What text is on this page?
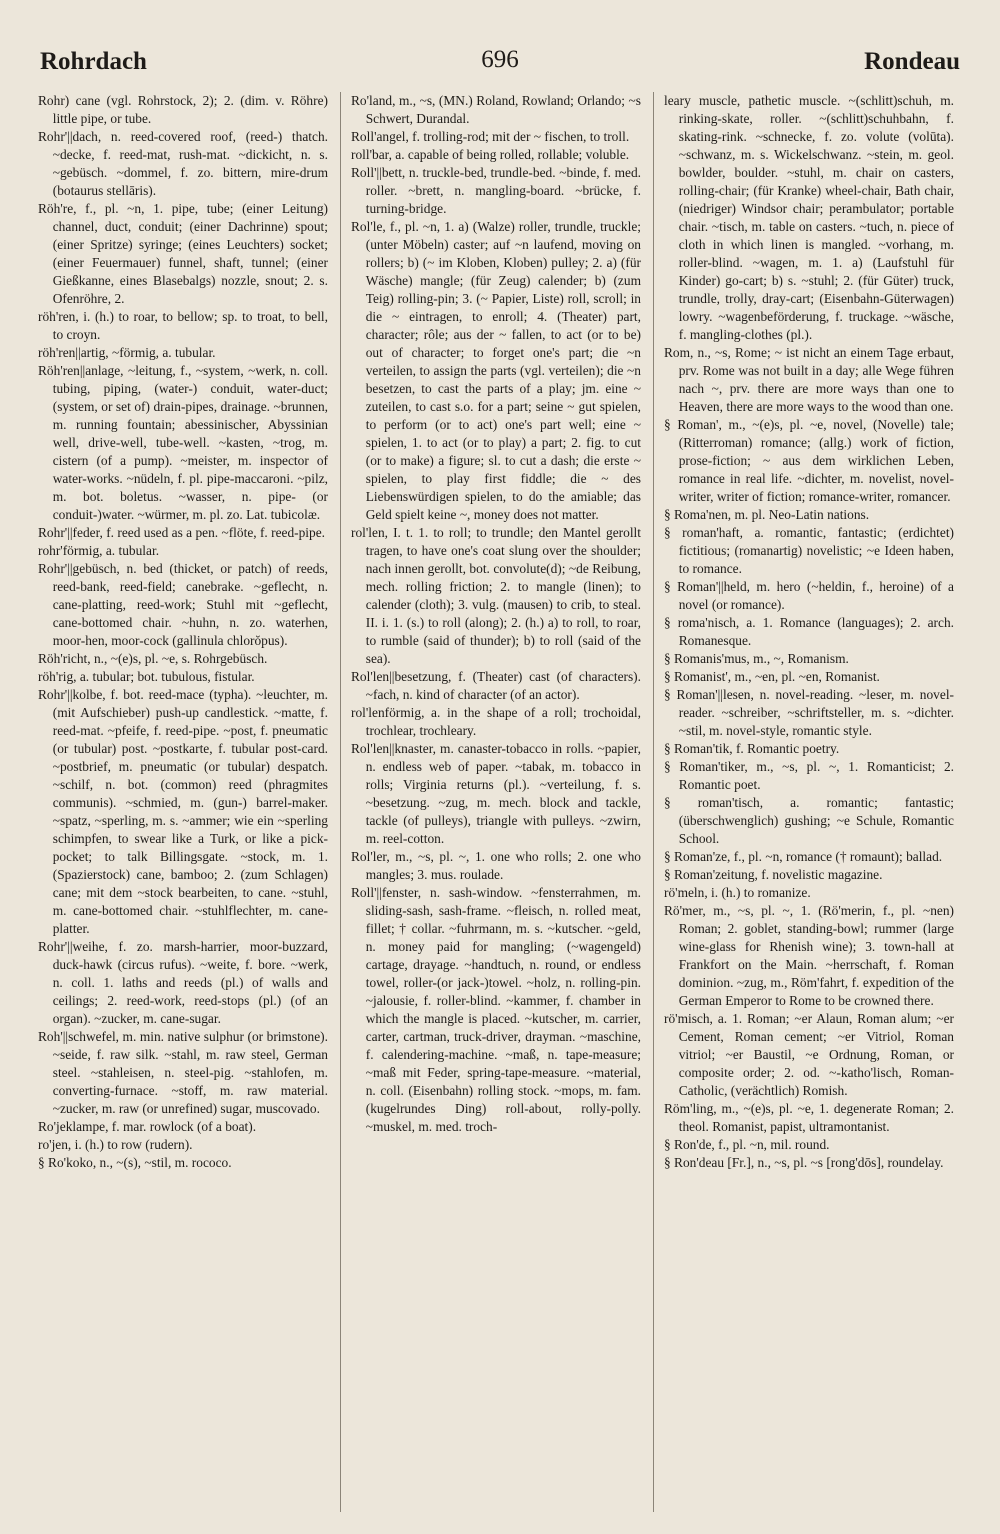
Rohrdach	696	Rondeau

Rohr) cane (vgl. Rohrstock, 2); 2. (dim. v. Röhre) little pipe, or tube.

Rohr'||dach, n. reed-covered roof, (reed-) thatch. ~decke, f. reed-mat, rush-mat. ~dickicht, n. s. ~gebüsch. ~dommel, f. zo. bittern, mire-drum (botaurus stellāris).

Röh're, f., pl. ~n, 1. pipe, tube; (einer Leitung) channel, duct, conduit; (einer Dachrinne) spout; (einer Spritze) syringe; (eines Leuchters) socket; (einer Feuermauer) funnel, shaft, tunnel; (einer Gießkanne, eines Blasebalgs) nozzle, snout; 2. s. Ofenröhre, 2.

röh'ren, i. (h.) to roar, to bellow; sp. to troat, to bell, to croyn.

röh'ren||artig, ~förmig, a. tubular.

Röh'ren||anlage, ~leitung, f., ~system, ~werk, n. coll. tubing, piping, (water-) conduit, water-duct; (system, or set of) drain-pipes, drainage. ~brunnen, m. running fountain; abessinischer, Abyssinian well, drive-well, tube-well. ~kasten, ~trog, m. cistern (of a pump). ~meister, m. inspector of water-works. ~nüdeln, f. pl. pipe-maccaroni. ~pilz, m. bot. boletus. ~wasser, n. pipe- (or conduit-)water. ~würmer, m. pl. zo. Lat. tubicolæ.

Rohr'||feder, f. reed used as a pen. ~flöte, f. reed-pipe.

rohr'förmig, a. tubular.

Rohr'||gebüsch, n. bed (thicket, or patch) of reeds, reed-bank, reed-field; canebrake. ~geflecht, n. cane-platting, reed-work; Stuhl mit ~geflecht, cane-bottomed chair. ~huhn, n. zo. waterhen, moor-hen, moor-cock (gallinula chlorŏpus).

Röh'richt, n., ~(e)s, pl. ~e, s. Rohrgebüsch.

röh'rig, a. tubular; bot. tubulous, fistular.

Rohr'||kolbe, f. bot. reed-mace (typha). ~leuchter, m. (mit Aufschieber) push-up candlestick. ~matte, f. reed-mat. ~pfeife, f. reed-pipe. ~post, f. pneumatic (or tubular) post. ~postkarte, f. tubular post-card. ~postbrief, m. pneumatic (or tubular) despatch. ~schilf, n. bot. (common) reed (phragmites communis). ~schmied, m. (gun-) barrel-maker. ~spatz, ~sperling, m. s. ~ammer; wie ein ~sperling schimpfen, to swear like a Turk, or like a pick-pocket; to talk Billingsgate. ~stock, m. 1. (Spazierstock) cane, bamboo; 2. (zum Schlagen) cane; mit dem ~stock bearbeiten, to cane. ~stuhl, m. cane-bottomed chair. ~stuhlflechter, m. cane-platter.

Rohr'||weihe, f. zo. marsh-harrier, moor-buzzard, duck-hawk (circus rufus). ~weite, f. bore. ~werk, n. coll. 1. laths and reeds (pl.) of walls and ceilings; 2. reed-work, reed-stops (pl.) (of an organ). ~zucker, m. cane-sugar.

Roh'||schwefel, m. min. native sulphur (or brimstone). ~seide, f. raw silk. ~stahl, m. raw steel, German steel. ~stahleisen, n. steel-pig. ~stahlofen, m. converting-furnace. ~stoff, m. raw material. ~zucker, m. raw (or unrefined) sugar, muscovado.

Ro'jeklampe, f. mar. rowlock (of a boat).

ro'jen, i. (h.) to row (rudern).

§ Ro'koko, n., ~(s), ~stil, m. rococo.

Ro'land, m., ~s, (MN.) Roland, Rowland; Orlando; ~s Schwert, Durandal.

Roll'angel, f. trolling-rod; mit der ~ fischen, to troll.

roll'bar, a. capable of being rolled, rollable; voluble.

Roll'||bett, n. truckle-bed, trundle-bed. ~binde, f. med. roller. ~brett, n. mangling-board. ~brücke, f. turning-bridge.

Rol'le, f., pl. ~n, 1. a) (Walze) roller, trundle, truckle; (unter Möbeln) caster; auf ~n laufend, moving on rollers; b) (~ im Kloben, Kloben) pulley; 2. a) (für Wäsche) mangle; (für Zeug) calender; b) (zum Teig) rolling-pin; 3. (~ Papier, Liste) roll, scroll; in die ~ eintragen, to enroll; 4. (Theater) part, character; rôle; aus der ~ fallen, to act (or to be) out of character; to forget one's part; die ~n verteilen, to assign the parts (vgl. verteilen); die ~n besetzen, to cast the parts of a play; jm. eine ~ zuteilen, to cast s.o. for a part; seine ~ gut spielen, to perform (or to act) one's part well; eine ~ spielen, 1. to act (or to play) a part; 2. fig. to cut (or to make) a figure; sl. to cut a dash; die erste ~ spielen, to play first fiddle; die ~ des Liebenswürdigen spielen, to do the amiable; das Geld spielt keine ~, money does not matter.

rol'len, I. t. 1. to roll; to trundle; den Mantel gerollt tragen, to have one's coat slung over the shoulder; nach innen gerollt, bot. convolute(d); ~de Reibung, mech. rolling friction; 2. to mangle (linen); to calender (cloth); 3. vulg. (mausen) to crib, to steal. II. i. 1. (s.) to roll (along); 2. (h.) a) to roll, to roar, to rumble (said of thunder); b) to roll (said of the sea).

Rol'len||besetzung, f. (Theater) cast (of characters). ~fach, n. kind of character (of an actor).

rol'lenförmig, a. in the shape of a roll; trochoidal, trochlear, trochleary.

Rol'len||knaster, m. canaster-tobacco in rolls. ~papier, n. endless web of paper. ~tabak, m. tobacco in rolls; Virginia returns (pl.). ~verteilung, f. s. ~besetzung. ~zug, m. mech. block and tackle, tackle (of pulleys), triangle with pulleys. ~zwirn, m. reel-cotton.

Rol'ler, m., ~s, pl. ~, 1. one who rolls; 2. one who mangles; 3. mus. roulade.

Roll'||fenster, n. sash-window. ~fensterrahmen, m. sliding-sash, sash-frame. ~fleisch, n. rolled meat, fillet; † collar. ~fuhrmann, m. s. ~kutscher. ~geld, n. money paid for mangling; (~wagengeld) cartage, drayage. ~handtuch, n. round, or endless towel, roller-(or jack-)towel. ~holz, n. rolling-pin. ~jalousie, f. roller-blind. ~kammer, f. chamber in which the mangle is placed. ~kutscher, m. carrier, carter, cartman, truck-driver, drayman. ~maschine, f. calendering-machine. ~maß, n. tape-measure; ~maß mit Feder, spring-tape-measure. ~material, n. coll. (Eisenbahn) rolling stock. ~mops, m. fam. (kugelrundes Ding) roll-about, rolly-polly. ~muskel, m. med. troch-

leary muscle, pathetic muscle. ~(schlitt)schuh, m. rinking-skate, roller. ~(schlitt)schuhbahn, f. skating-rink. ~schnecke, f. zo. volute (volūta). ~schwanz, m. s. Wickelschwanz. ~stein, m. geol. bowlder, boulder. ~stuhl, m. chair on casters, rolling-chair; (für Kranke) wheel-chair, Bath chair, (niedriger) Windsor chair; perambulator; portable chair. ~tisch, m. table on casters. ~tuch, n. piece of cloth in which linen is mangled. ~vorhang, m. roller-blind. ~wagen, m. 1. a) (Laufstuhl für Kinder) go-cart; b) s. ~stuhl; 2. (für Güter) truck, trundle, trolly, dray-cart; (Eisenbahn-Güterwagen) lowry. ~wagenbeförderung, f. truckage. ~wäsche, f. mangling-clothes (pl.).

Rom, n., ~s, Rome; ~ ist nicht an einem Tage erbaut, prv. Rome was not built in a day; alle Wege führen nach ~, prv. there are more ways than one to Heaven, there are more ways to the wood than one.

§ Roman', m., ~(e)s, pl. ~e, novel, (Novelle) tale; (Ritterroman) romance; (allg.) work of fiction, prose-fiction; ~ aus dem wirklichen Leben, romance in real life. ~dichter, m. novelist, novel-writer, writer of fiction; romance-writer, romancer.

§ Roma'nen, m. pl. Neo-Latin nations.

§ roman'haft, a. romantic, fantastic; (erdichtet) fictitious; (romanartig) novelistic; ~e Ideen haben, to romance.

§ Roman'||held, m. hero (~heldin, f., heroine) of a novel (or romance).

§ roma'nisch, a. 1. Romance (languages); 2. arch. Romanesque.

§ Romanis'mus, m., ~, Romanism.

§ Romanist', m., ~en, pl. ~en, Romanist.

§ Roman'||lesen, n. novel-reading. ~leser, m. novel-reader. ~schreiber, ~schriftsteller, m. s. ~dichter. ~stil, m. novel-style, romantic style.

§ Roman'tik, f. Romantic poetry.

§ Roman'tiker, m., ~s, pl. ~, 1. Romanticist; 2. Romantic poet.

§ roman'tisch, a. romantic; fantastic; (überschwenglich) gushing; ~e Schule, Romantic School.

§ Roman'ze, f., pl. ~n, romance († romaunt); ballad.

§ Roman'zeitung, f. novelistic magazine.

rö'meln, i. (h.) to romanize.

Rö'mer, m., ~s, pl. ~, 1. (Rö'merin, f., pl. ~nen) Roman; 2. goblet, standing-bowl; rummer (large wine-glass for Rhenish wine); 3. town-hall at Frankfort on the Main. ~herrschaft, f. Roman dominion. ~zug, m., Röm'fahrt, f. expedition of the German Emperor to Rome to be crowned there.

rö'misch, a. 1. Roman; ~er Alaun, Roman alum; ~er Cement, Roman cement; ~er Vitriol, Roman vitriol; ~er Baustil, ~e Ordnung, Roman, or composite order; 2. od. ~-katho'lisch, Roman-Catholic, (verächtlich) Romish.

Röm'ling, m., ~(e)s, pl. ~e, 1. degenerate Roman; 2. theol. Romanist, papist, ultramontanist.

§ Ron'de, f., pl. ~n, mil. round.

§ Ron'deau [Fr.], n., ~s, pl. ~s [rong'dōs], roundelay.
